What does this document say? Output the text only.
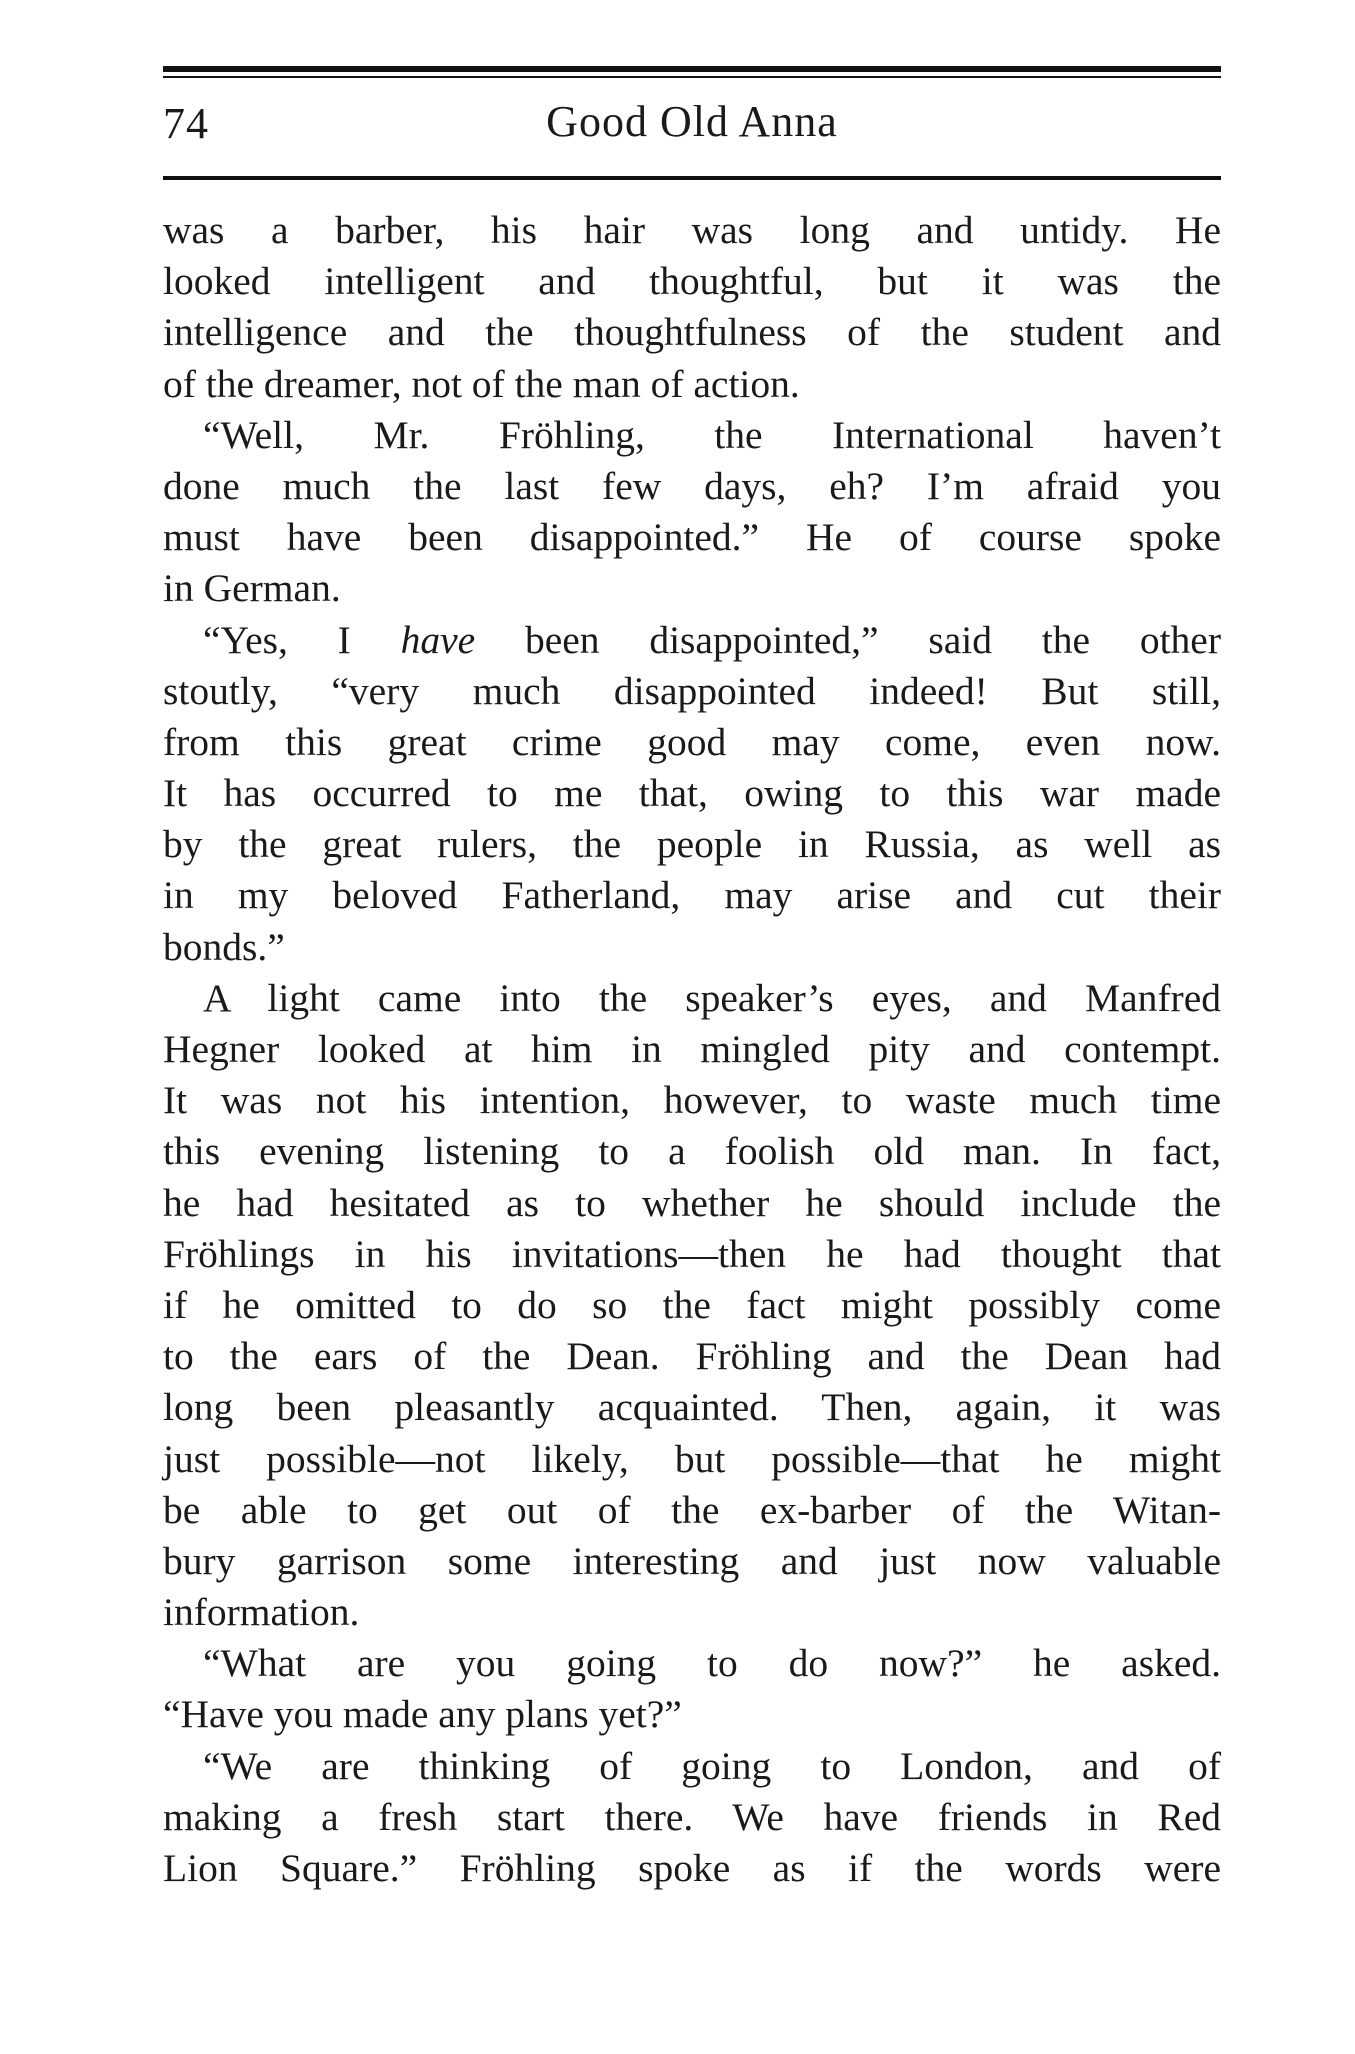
74	Good Old Anna
was a barber, his hair was long and untidy. He
looked intelligent and thoughtful, but it was the
intelligence and the thoughtfulness of the student and
of the dreamer, not of the man of action.
“Well, Mr. Fröhling, the International haven’t
done much the last few days, eh? I’m afraid you
must have been disappointed.” He of course spoke
in German.
“Yes, I have been disappointed,” said the other
stoutly, “very much disappointed indeed! But still,
from this great crime good may come, even now.
It has occurred to me that, owing to this war made
by the great rulers, the people in Russia, as well as
in my beloved Fatherland, may arise and cut their
bonds.”
A light came into the speaker’s eyes, and Manfred
Hegner looked at him in mingled pity and contempt.
It was not his intention, however, to waste much time
this evening listening to a foolish old man. In fact,
he had hesitated as to whether he should include the
Fröhlings in his invitations—then he had thought that
if he omitted to do so the fact might possibly come
to the ears of the Dean. Fröhling and the Dean had
long been pleasantly acquainted. Then, again, it was
just possible—not likely, but possible—that he might
be able to get out of the ex-barber of the Witan-
bury garrison some interesting and just now valuable
information.
“What are you going to do now?” he asked.
“Have you made any plans yet?”
“We are thinking of going to London, and of
making a fresh start there. We have friends in Red
Lion Square.” Fröhling spoke as if the words were
